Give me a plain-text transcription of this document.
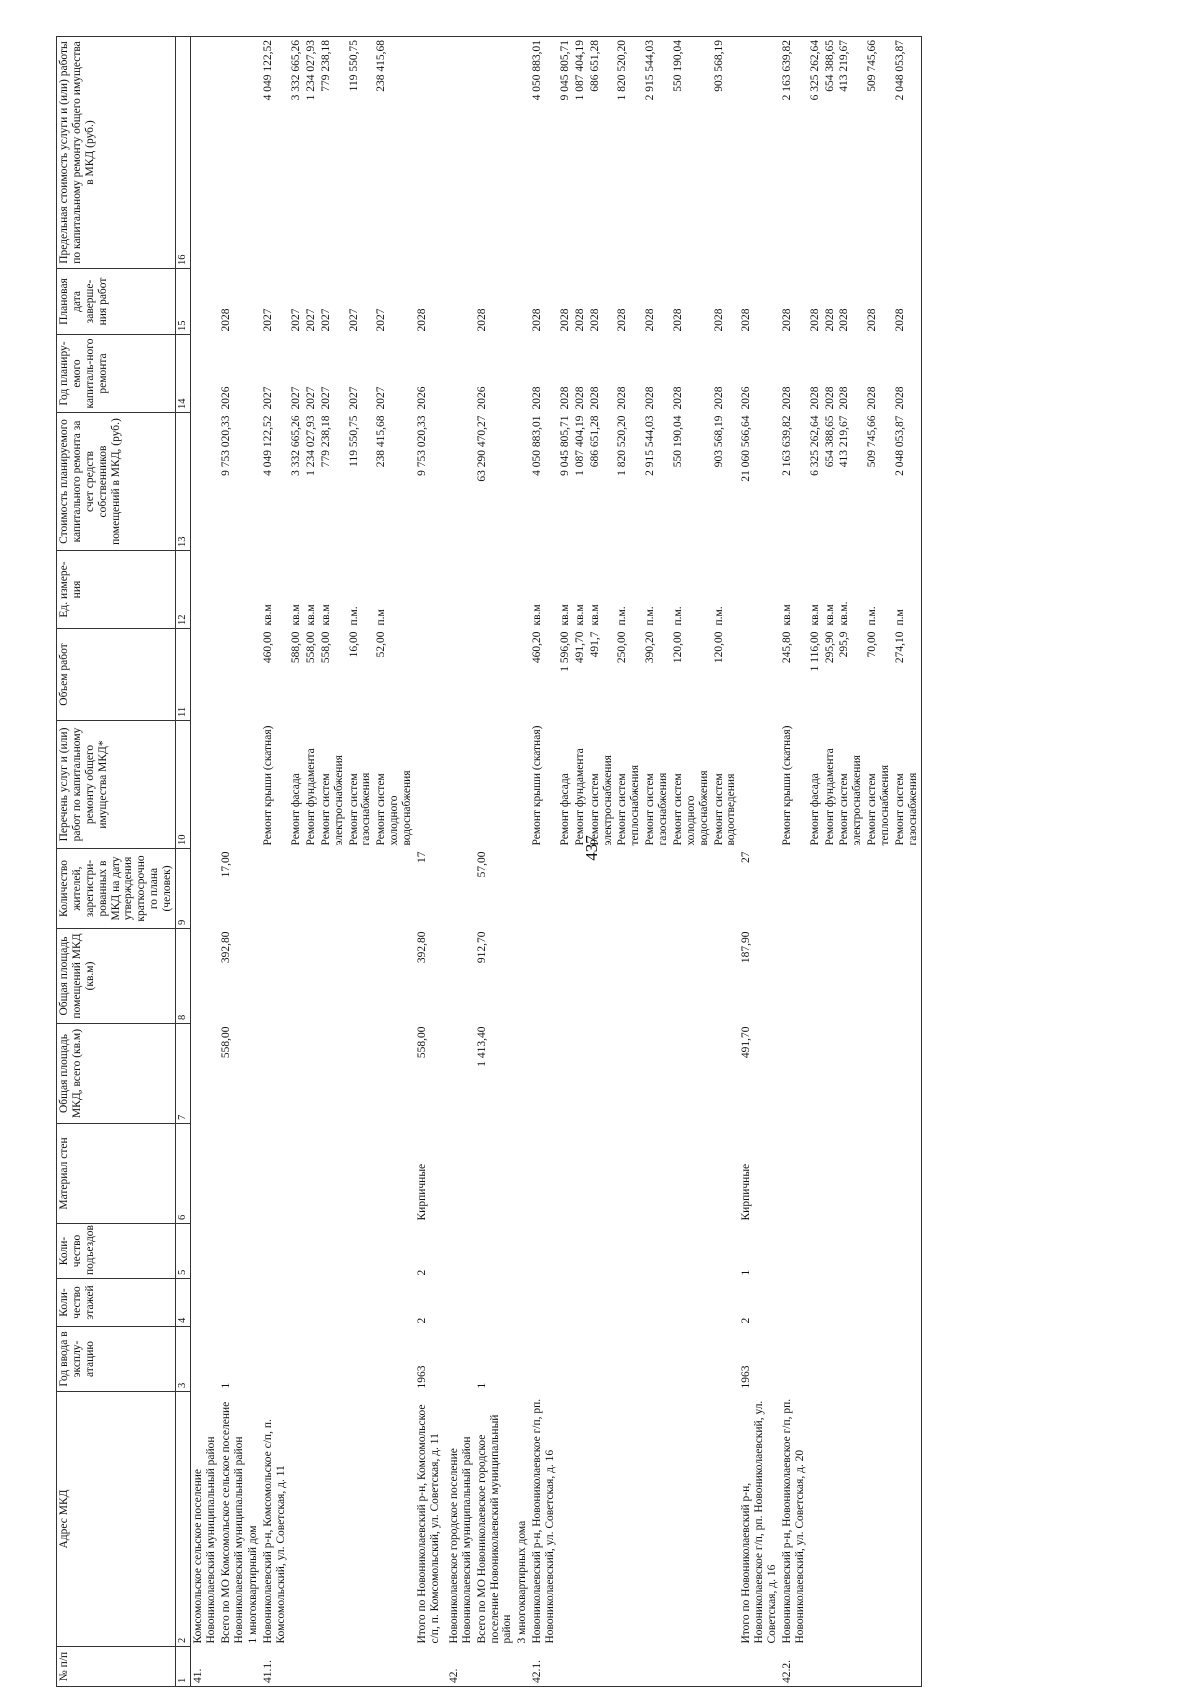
437
№ п/п	Адрес МКД	Год ввода в эксплу-атацию	Коли-чество этажей	Коли-чество подъездов	Материал стен	Общая площадь МКД, всего (кв.м)	Общая площадь помещений МКД (кв.м)	Количество жителей, зарегистри-рованных в МКД на дату утверждения краткосрочно го плана (человек)	Перечень услуг и (или) работ по капитальному ремонту общего имущества МКД*	Объем работ	Ед. измере-ния	Стоимость планируемого капитального ремонта за счет средств собственников помещений в МКД, (руб.)	Год планиру-емого капиталь-ного ремонта	Плановая дата заверше-ния работ	Предельная стоимость услуги и (или) работы по капитальному ремонту общего имущества в МКД (руб.)
1	2	3	4	5	6	7	8	9	10	11	12	13	14	15	16
41.	Комсомольское сельское поселение Новониколаевский муниципальный район														
	Всего по МО Комсомольское сельское поселение Новониколаевский муниципальный район	1				558,00	392,80	17,00				9 753 020,33	2026	2028	
	1 многоквартирный дом														
41.1.	Новониколаевский р-н, Комсомольское с/п, п. Комсомольский, ул. Советская, д. 11								Ремонт крыши (скатная)	460,00	кв.м	4 049 122,52	2027	2027	4 049 122,52
									Ремонт фасада	588,00	кв.м	3 332 665,26	2027	2027	3 332 665,26
									Ремонт фундамента	558,00	кв.м	1 234 027,93	2027	2027	1 234 027,93
									Ремонт систем электроснабжения	558,00	кв.м	779 238,18	2027	2027	779 238,18
									Ремонт систем газоснабжения	16,00	п.м.	119 550,75	2027	2027	119 550,75
									Ремонт систем холодного водоснабжения	52,00	п.м	238 415,68	2027	2027	238 415,68
	Итого по Новониколаевский р-н, Комсомольское с/п, п. Комсомольский, ул. Советская, д. 11	1963	2	2	Кирпичные	558,00	392,80	17				9 753 020,33	2026	2028	
42.	Новониколаевское городское поселение Новониколаевский муниципальный район														
	Всего по МО Новониколаевское городское поселение Новониколаевский муниципальный район	1				1 413,40	912,70	57,00				63 290 470,27	2026	2028	
	3 многоквартирных дома														
42.1.	Новониколаевский р-н, Новониколаевское г/п, рп. Новониколаевский, ул. Советская, д. 16								Ремонт крыши (скатная)	460,20	кв.м	4 050 883,01	2028	2028	4 050 883,01
									Ремонт фасада	1 596,00	кв.м	9 045 805,71	2028	2028	9 045 805,71
									Ремонт фундамента	491,70	кв.м	1 087 404,19	2028	2028	1 087 404,19
									Ремонт систем электроснабжения	491,7	кв.м	686 651,28	2028	2028	686 651,28
									Ремонт систем теплоснабжения	250,00	п.м.	1 820 520,20	2028	2028	1 820 520,20
									Ремонт систем газоснабжения	390,20	п.м.	2 915 544,03	2028	2028	2 915 544,03
									Ремонт систем холодного водоснабжения	120,00	п.м.	550 190,04	2028	2028	550 190,04
									Ремонт систем водоотведения	120,00	п.м.	903 568,19	2028	2028	903 568,19
	Итого по Новониколаевский р-н, Новониколаевское г/п, рп. Новониколаевский, ул. Советская, д. 16	1963	2	1	Кирпичные	491,70	187,90	27				21 060 566,64	2026	2028	
42.2.	Новониколаевский р-н, Новониколаевское г/п, рп. Новониколаевский, ул. Советская, д. 20								Ремонт крыши (скатная)	245,80	кв.м	2 163 639,82	2028	2028	2 163 639,82
									Ремонт фасада	1 116,00	кв.м	6 325 262,64	2028	2028	6 325 262,64
									Ремонт фундамента	295,90	кв.м	654 388,65	2028	2028	654 388,65
									Ремонт систем электроснабжения	295,9	кв.м.	413 219,67	2028	2028	413 219,67
									Ремонт систем теплоснабжения	70,00	п.м.	509 745,66	2028	2028	509 745,66
									Ремонт систем газоснабжения	274,10	п.м	2 048 053,87	2028	2028	2 048 053,87
